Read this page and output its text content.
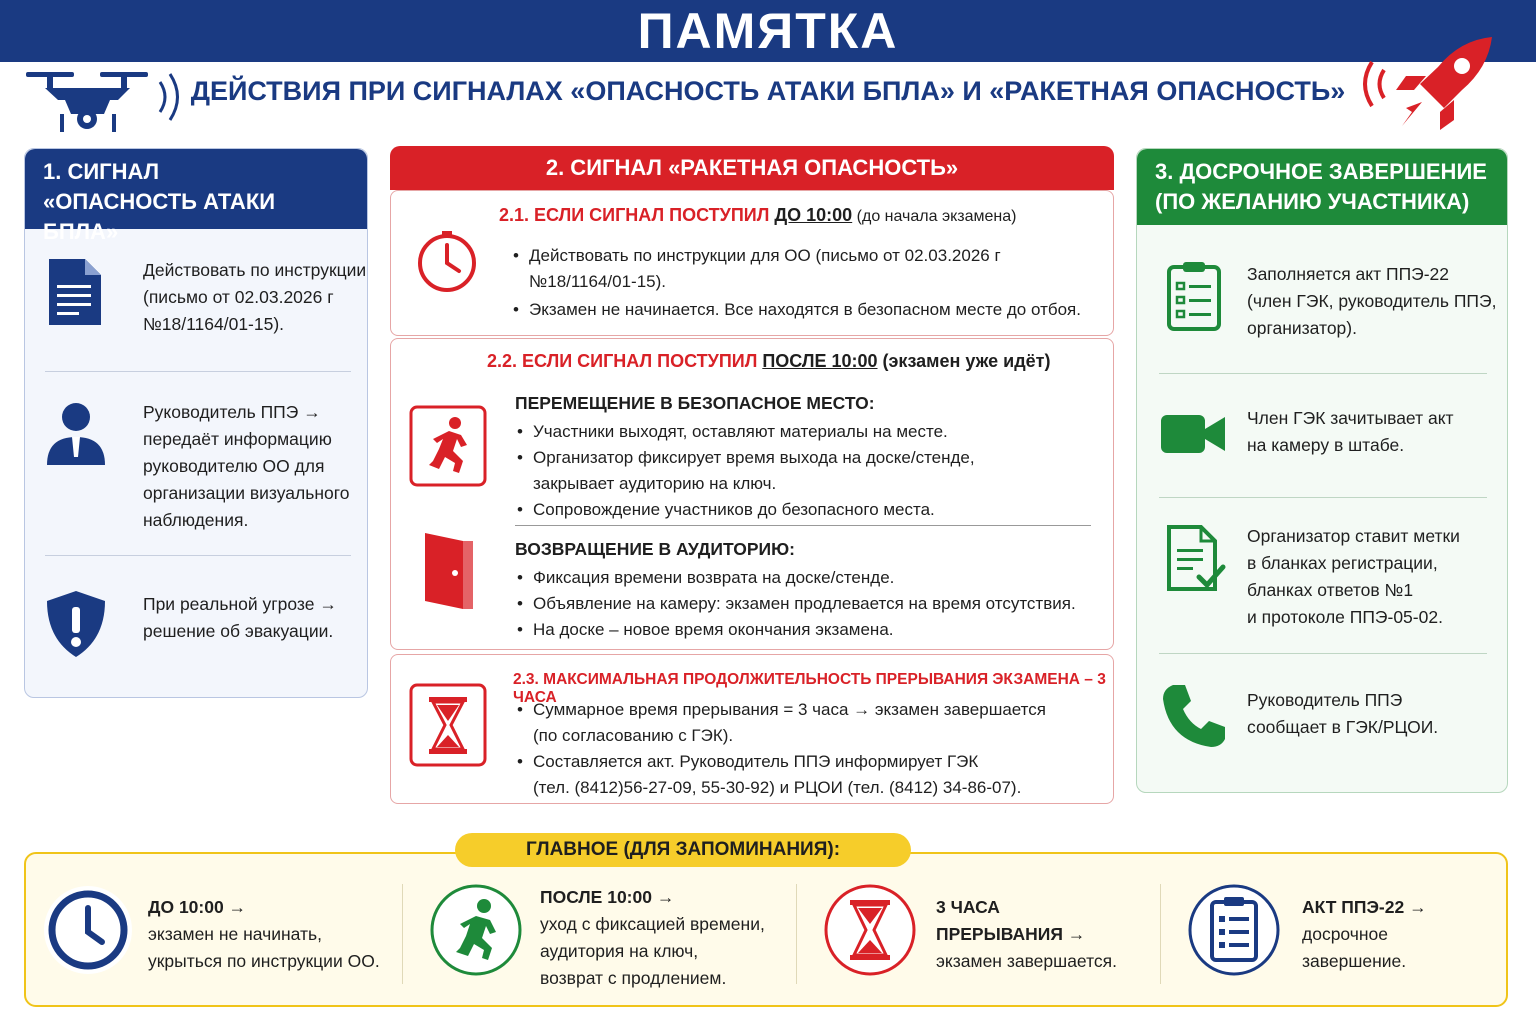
ПАМЯТКА
ДЕЙСТВИЯ ПРИ СИГНАЛАХ «ОПАСНОСТЬ АТАКИ БПЛА» И «РАКЕТНАЯ ОПАСНОСТЬ»
1. СИГНАЛ
«ОПАСНОСТЬ АТАКИ БПЛА»
Действовать по инструкции
(письмо от 02.03.2026 г
№18/1164/01-15).
Руководитель ППЭ →
передаёт информацию
руководителю ОО для
организации визуального
наблюдения.
При реальной угрозе →
решение об эвакуации.
2. СИГНАЛ «РАКЕТНАЯ ОПАСНОСТЬ»
2.1. ЕСЛИ СИГНАЛ ПОСТУПИЛ ДО 10:00 (до начала экзамена)
• Действовать по инструкции для ОО (письмо от 02.03.2026 г
№18/1164/01-15).
• Экзамен не начинается. Все находятся в безопасном месте до отбоя.
2.2. ЕСЛИ СИГНАЛ ПОСТУПИЛ ПОСЛЕ 10:00 (экзамен уже идёт)
ПЕРЕМЕЩЕНИЕ В БЕЗОПАСНОЕ МЕСТО:
• Участники выходят, оставляют материалы на месте.
• Организатор фиксирует время выхода на доске/стенде,
закрывает аудиторию на ключ.
• Сопровождение участников до безопасного места.
ВОЗВРАЩЕНИЕ В АУДИТОРИЮ:
• Фиксация времени возврата на доске/стенде.
• Объявление на камеру: экзамен продлевается на время отсутствия.
• На доске – новое время окончания экзамена.
2.3. МАКСИМАЛЬНАЯ ПРОДОЛЖИТЕЛЬНОСТЬ ПРЕРЫВАНИЯ ЭКЗАМЕНА – 3 ЧАСА
• Суммарное время прерывания = 3 часа → экзамен завершается
(по согласованию с ГЭК).
• Составляется акт. Руководитель ППЭ информирует ГЭК
(тел. (8412)56-27-09, 55-30-92) и РЦОИ (тел. (8412) 34-86-07).
3. ДОСРОЧНОЕ ЗАВЕРШЕНИЕ
(ПО ЖЕЛАНИЮ УЧАСТНИКА)
Заполняется акт ППЭ-22
(член ГЭК, руководитель ППЭ,
организатор).
Член ГЭК зачитывает акт
на камеру в штабе.
Организатор ставит метки
в бланках регистрации,
бланках ответов №1
и протоколе ППЭ-05-02.
Руководитель ППЭ
сообщает в ГЭК/РЦОИ.
ГЛАВНОЕ (ДЛЯ ЗАПОМИНАНИЯ):
ДО 10:00 →
экзамен не начинать,
укрыться по инструкции ОО.
ПОСЛЕ 10:00 →
уход с фиксацией времени,
аудитория на ключ,
возврат с продлением.
3 ЧАСА
ПРЕРЫВАНИЯ →
экзамен завершается.
АКТ ППЭ-22 →
досрочное
завершение.
